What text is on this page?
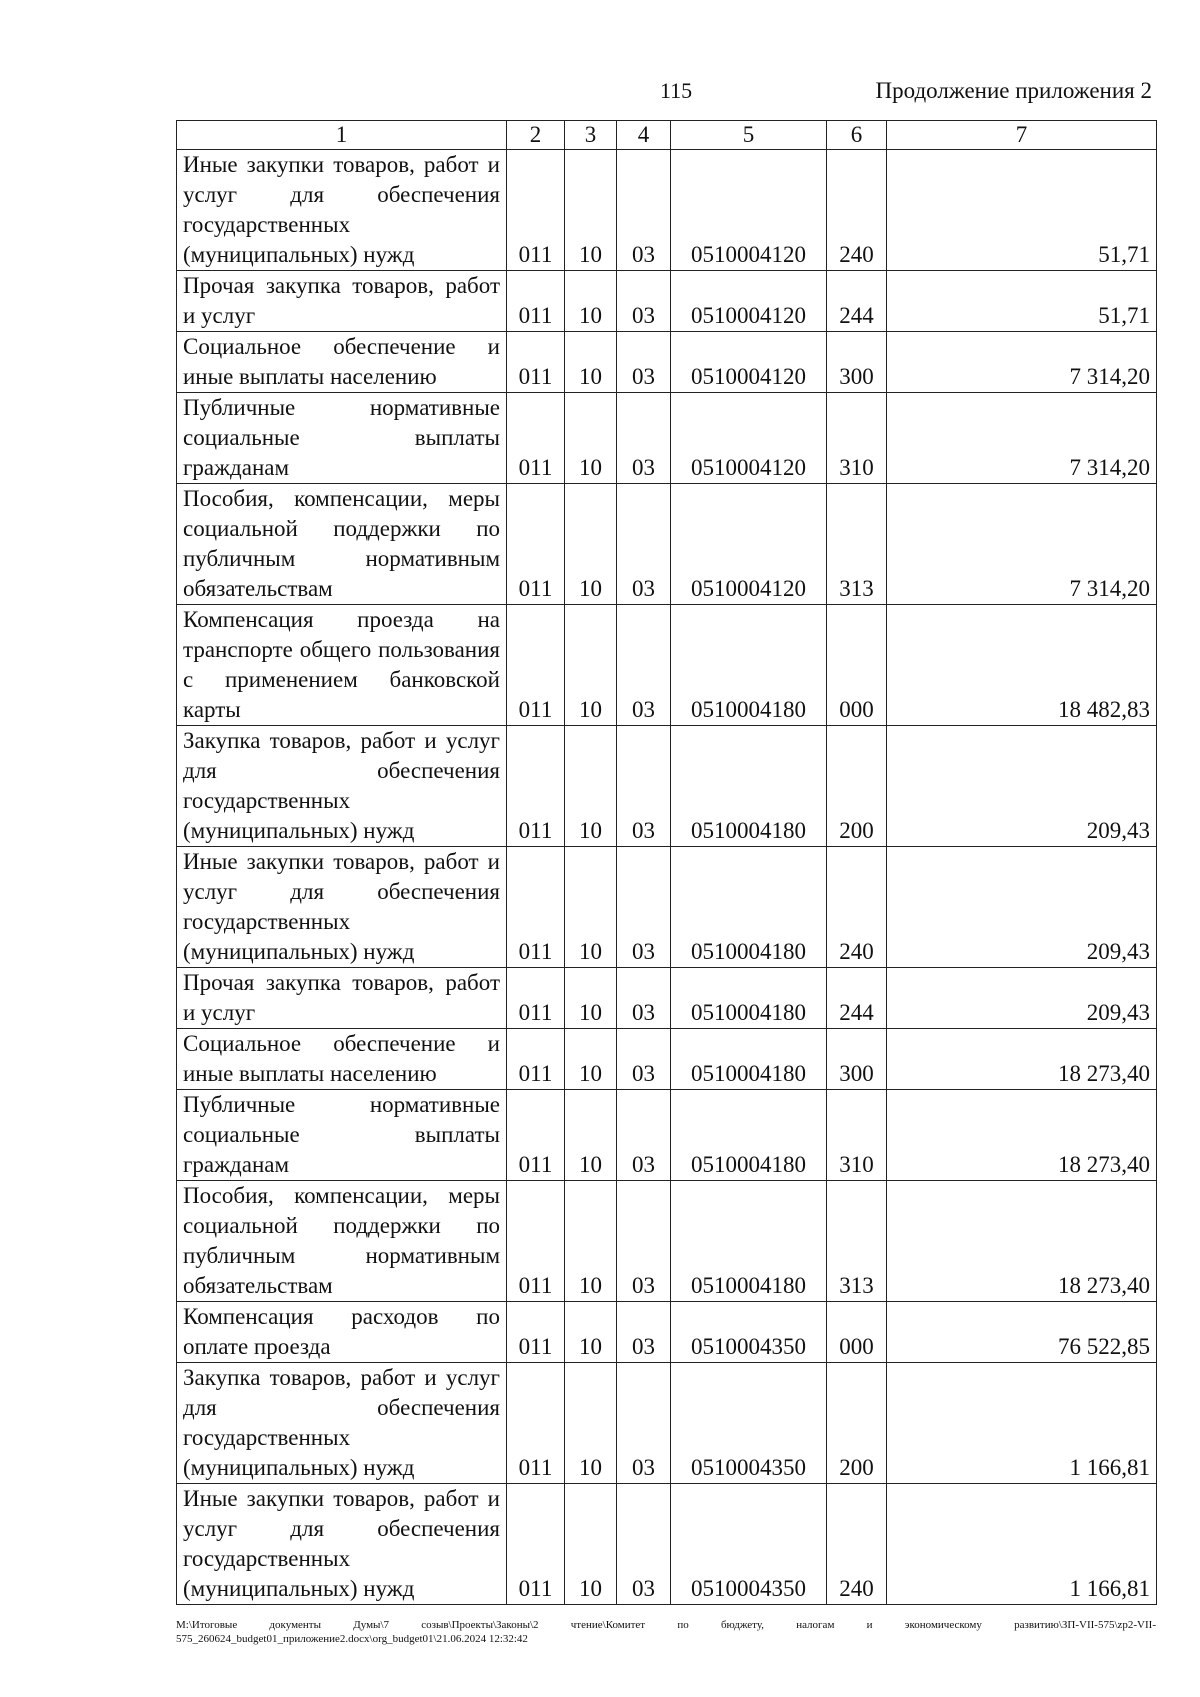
115	Продолжение приложения 2
1	2	3	4	5	6	7
Иные закупки товаров, работ и услуг для обеспечения государственных (муниципальных) нужд	011	10	03	0510004120	240	51,71
Прочая закупка товаров, работ и услуг	011	10	03	0510004120	244	51,71
Социальное обеспечение и иные выплаты населению	011	10	03	0510004120	300	7 314,20
Публичные нормативные социальные выплаты гражданам	011	10	03	0510004120	310	7 314,20
Пособия, компенсации, меры социальной поддержки по публичным нормативным обязательствам	011	10	03	0510004120	313	7 314,20
Компенсация проезда на транспорте общего пользования с применением банковской карты	011	10	03	0510004180	000	18 482,83
Закупка товаров, работ и услуг для обеспечения государственных (муниципальных) нужд	011	10	03	0510004180	200	209,43
Иные закупки товаров, работ и услуг для обеспечения государственных (муниципальных) нужд	011	10	03	0510004180	240	209,43
Прочая закупка товаров, работ и услуг	011	10	03	0510004180	244	209,43
Социальное обеспечение и иные выплаты населению	011	10	03	0510004180	300	18 273,40
Публичные нормативные социальные выплаты гражданам	011	10	03	0510004180	310	18 273,40
Пособия, компенсации, меры социальной поддержки по публичным нормативным обязательствам	011	10	03	0510004180	313	18 273,40
Компенсация расходов по оплате проезда	011	10	03	0510004350	000	76 522,85
Закупка товаров, работ и услуг для обеспечения государственных (муниципальных) нужд	011	10	03	0510004350	200	1 166,81
Иные закупки товаров, работ и услуг для обеспечения государственных (муниципальных) нужд	011	10	03	0510004350	240	1 166,81
М:\Итоговые документы Думы\7 созыв\Проекты\Законы\2 чтение\Комитет по бюджету, налогам и экономическому развитию\ЗП-VII-575\zp2-VII-575_260624_budget01_приложение2.docx\org_budget01\21.06.2024 12:32:42
